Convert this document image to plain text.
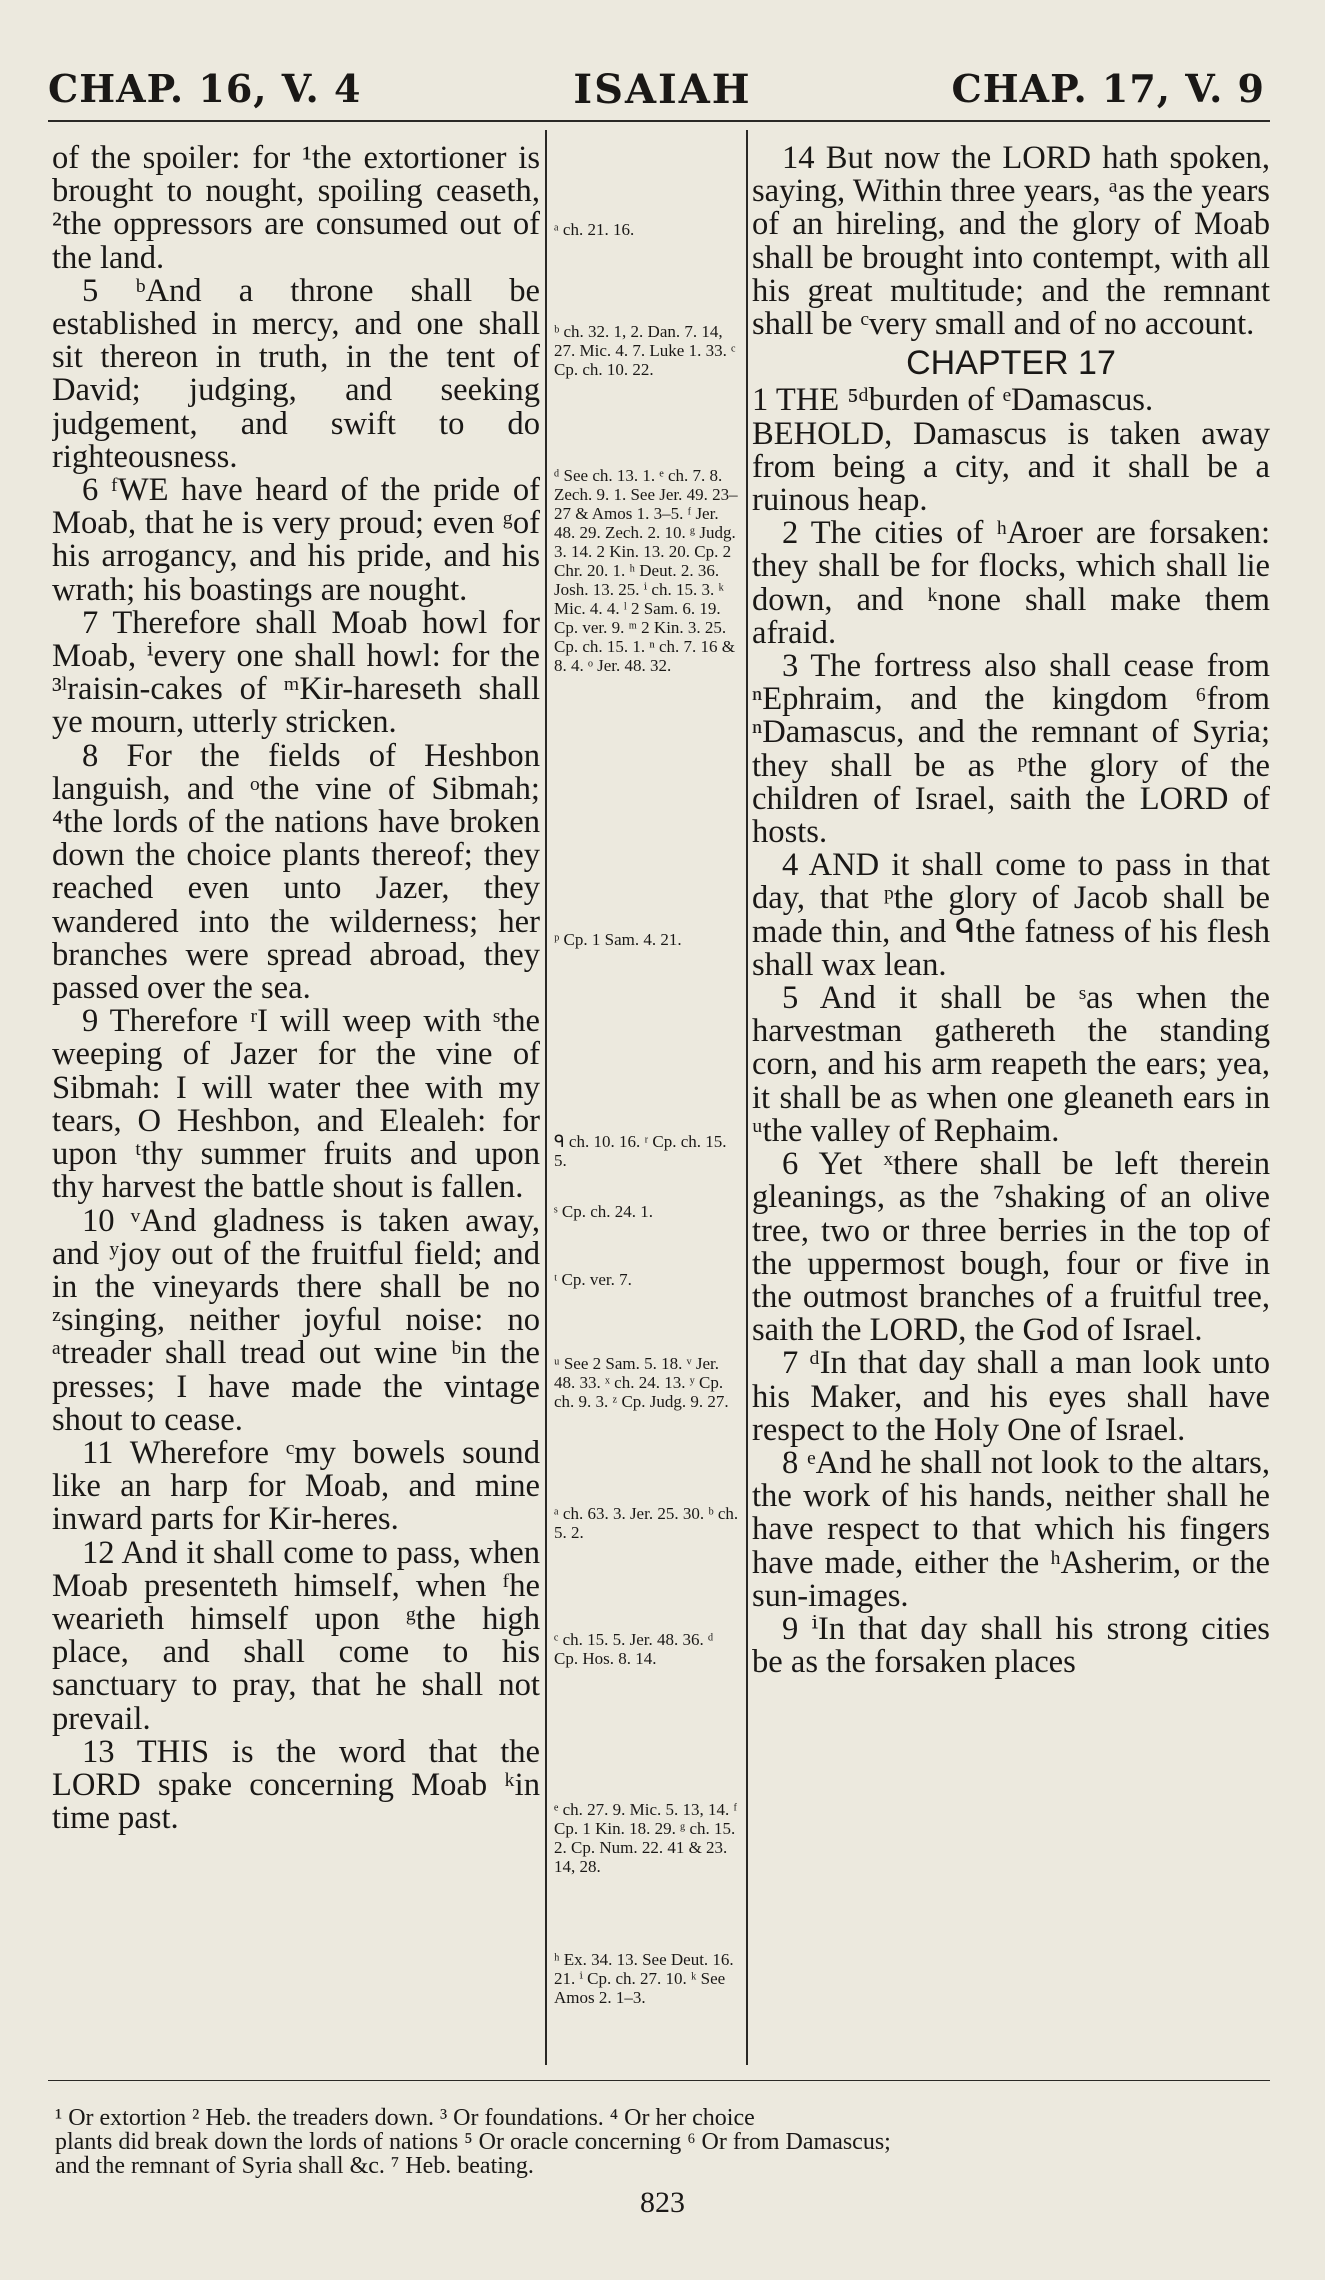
CHAP. 16, V. 4	ISAIAH	CHAP. 17, V. 9

of the spoiler: for ¹the extortioner is brought to nought, spoiling ceaseth, ²the oppressors are consumed out of the land.

5 ᵇAnd a throne shall be established in mercy, and one shall sit thereon in truth, in the tent of David; judging, and seeking judgement, and swift to do righteousness.

6 ᶠWE have heard of the pride of Moab, that he is very proud; even ᵍof his arrogancy, and his pride, and his wrath; his boastings are nought.

7 Therefore shall Moab howl for Moab, ⁱevery one shall howl: for the ³ˡraisin-cakes of ᵐKir-hareseth shall ye mourn, utterly stricken.

8 For the fields of Heshbon languish, and ᵒthe vine of Sibmah; ⁴the lords of the nations have broken down the choice plants thereof; they reached even unto Jazer, they wandered into the wilderness; her branches were spread abroad, they passed over the sea.

9 Therefore ʳI will weep with ˢthe weeping of Jazer for the vine of Sibmah: I will water thee with my tears, O Heshbon, and Elealeh: for upon ᵗthy summer fruits and upon thy harvest the battle shout is fallen.

10 ᵛAnd gladness is taken away, and ʸjoy out of the fruitful field; and in the vineyards there shall be no ᶻsinging, neither joyful noise: no ᵃtreader shall tread out wine ᵇin the presses; I have made the vintage shout to cease.

11 Wherefore ᶜmy bowels sound like an harp for Moab, and mine inward parts for Kir-heres.

12 And it shall come to pass, when Moab presenteth himself, when ᶠhe wearieth himself upon ᵍthe high place, and shall come to his sanctuary to pray, that he shall not prevail.

13 THIS is the word that the LORD spake concerning Moab ᵏin time past.

ᵃ ch. 21. 16.
ᵇ ch. 32. 1, 2. Dan. 7. 14, 27. Mic. 4. 7. Luke 1. 33. ᶜ Cp. ch. 10. 22.
ᵈ See ch. 13. 1. ᵉ ch. 7. 8. Zech. 9. 1. See Jer. 49. 23–27 & Amos 1. 3–5. ᶠ Jer. 48. 29. Zech. 2. 10. ᵍ Judg. 3. 14. 2 Kin. 13. 20. Cp. 2 Chr. 20. 1. ʰ Deut. 2. 36. Josh. 13. 25. ⁱ ch. 15. 3. ᵏ Mic. 4. 4. ˡ 2 Sam. 6. 19. Cp. ver. 9. ᵐ 2 Kin. 3. 25. Cp. ch. 15. 1. ⁿ ch. 7. 16 & 8. 4. ᵒ Jer. 48. 32.
ᵖ Cp. 1 Sam. 4. 21.
ᑫ ch. 10. 16. ʳ Cp. ch. 15. 5.
ˢ Cp. ch. 24. 1.
ᵗ Cp. ver. 7.
ᵘ See 2 Sam. 5. 18. ᵛ Jer. 48. 33. ˣ ch. 24. 13. ʸ Cp. ch. 9. 3. ᶻ Cp. Judg. 9. 27.
ᵃ ch. 63. 3. Jer. 25. 30. ᵇ ch. 5. 2.
ᶜ ch. 15. 5. Jer. 48. 36. ᵈ Cp. Hos. 8. 14.
ᵉ ch. 27. 9. Mic. 5. 13, 14. ᶠ Cp. 1 Kin. 18. 29. ᵍ ch. 15. 2. Cp. Num. 22. 41 & 23. 14, 28.
ʰ Ex. 34. 13. See Deut. 16. 21. ⁱ Cp. ch. 27. 10. ᵏ See Amos 2. 1–3.

14 But now the LORD hath spoken, saying, Within three years, ᵃas the years of an hireling, and the glory of Moab shall be brought into contempt, with all his great multitude; and the remnant shall be ᶜvery small and of no account.

CHAPTER 17

1 THE ⁵ᵈburden of ᵉDamascus.

BEHOLD, Damascus is taken away from being a city, and it shall be a ruinous heap.

2 The cities of ʰAroer are forsaken: they shall be for flocks, which shall lie down, and ᵏnone shall make them afraid.

3 The fortress also shall cease from ⁿEphraim, and the kingdom ⁶from ⁿDamascus, and the remnant of Syria; they shall be as ᵖthe glory of the children of Israel, saith the LORD of hosts.

4 AND it shall come to pass in that day, that ᵖthe glory of Jacob shall be made thin, and ᑫthe fatness of his flesh shall wax lean.

5 And it shall be ˢas when the harvestman gathereth the standing corn, and his arm reapeth the ears; yea, it shall be as when one gleaneth ears in ᵘthe valley of Rephaim.

6 Yet ˣthere shall be left therein gleanings, as the ⁷shaking of an olive tree, two or three berries in the top of the uppermost bough, four or five in the outmost branches of a fruitful tree, saith the LORD, the God of Israel.

7 ᵈIn that day shall a man look unto his Maker, and his eyes shall have respect to the Holy One of Israel.

8 ᵉAnd he shall not look to the altars, the work of his hands, neither shall he have respect to that which his fingers have made, either the ʰAsherim, or the sun-images.

9 ⁱIn that day shall his strong cities be as the forsaken places

¹ Or extortion ² Heb. the treaders down. ³ Or foundations. ⁴ Or her choice
plants did break down the lords of nations ⁵ Or oracle concerning ⁶ Or from Damascus;
and the remnant of Syria shall &c. ⁷ Heb. beating.
823
